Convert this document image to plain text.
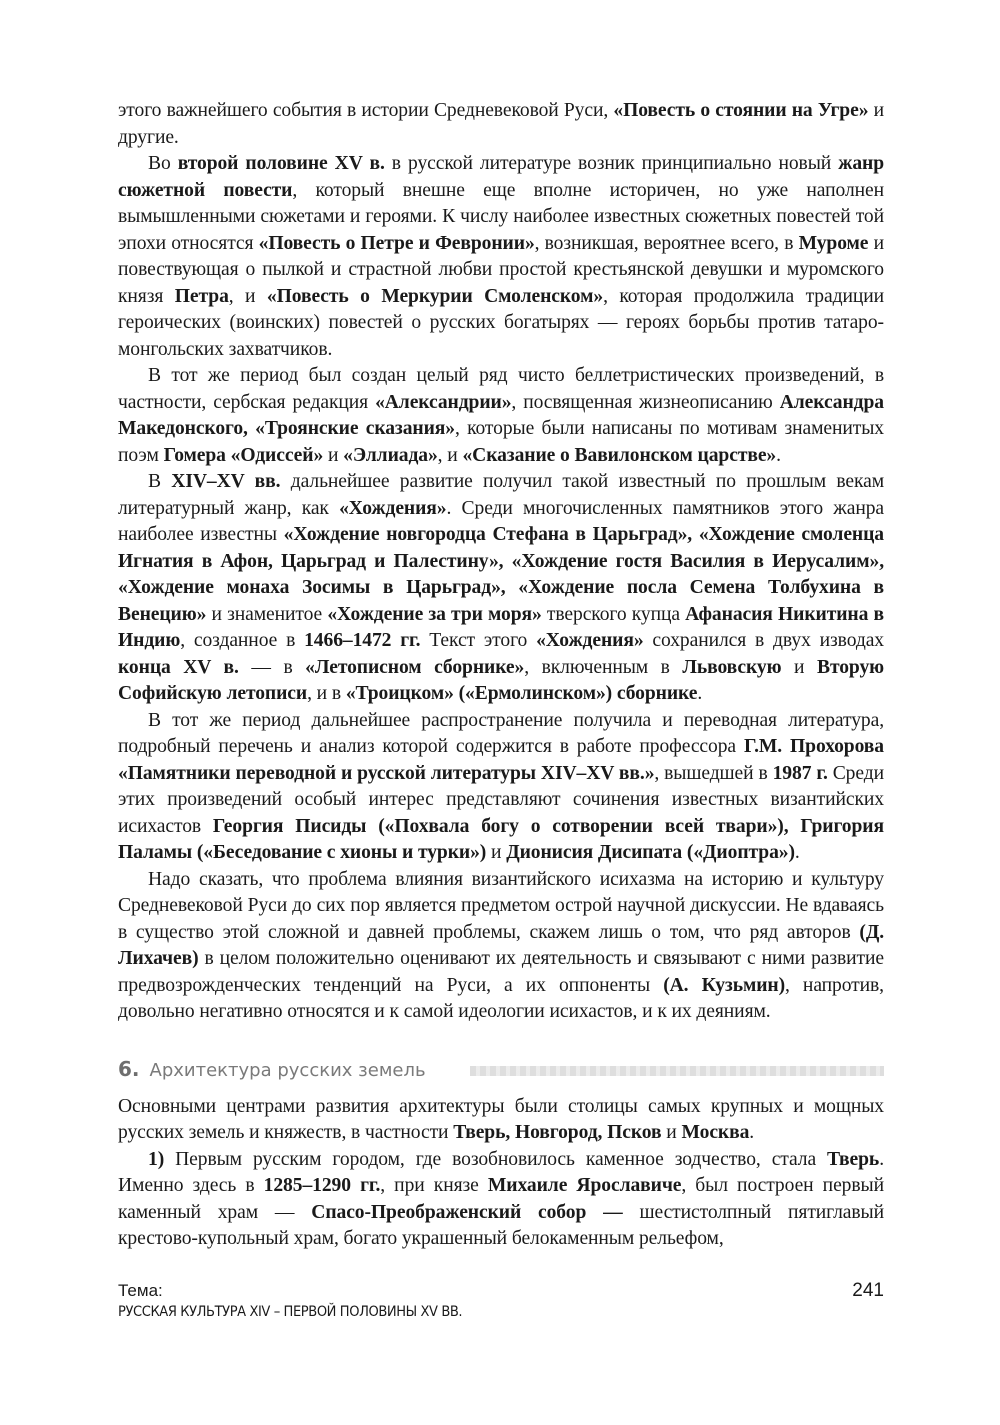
этого важнейшего события в истории Средневековой Руси, «Повесть о стоянии на Угре» и другие.

Во второй половине XV в. в русской литературе возник принципиально новый жанр сюжетной повести, который внешне еще вполне историчен, но уже наполнен вымышленными сюжетами и героями. К числу наиболее известных сюжетных повестей той эпохи относятся «Повесть о Петре и Февронии», возникшая, вероятнее всего, в Муроме и повествующая о пылкой и страстной любви простой крестьянской девушки и муромского князя Петра, и «Повесть о Меркурии Смоленском», которая продолжила традиции героических (воинских) повестей о русских богатырях — героях борьбы против татаро-монгольских захватчиков.

В тот же период был создан целый ряд чисто беллетристических произведений, в частности, сербская редакция «Александрии», посвященная жизнеописанию Александра Македонского, «Троянские сказания», которые были написаны по мотивам знаменитых поэм Гомера «Одиссей» и «Эллиада», и «Сказание о Вавилонском царстве».

В XIV–XV вв. дальнейшее развитие получил такой известный по прошлым векам литературный жанр, как «Хождения». Среди многочисленных памятников этого жанра наиболее известны «Хождение новгородца Стефана в Царьград», «Хождение смоленца Игнатия в Афон, Царьград и Палестину», «Хождение гостя Василия в Иерусалим», «Хождение монаха Зосимы в Царьград», «Хождение посла Семена Толбухина в Венецию» и знаменитое «Хождение за три моря» тверского купца Афанасия Никитина в Индию, созданное в 1466–1472 гг. Текст этого «Хождения» сохранился в двух изводах конца XV в. — в «Летописном сборнике», включенным в Львовскую и Вторую Софийскую летописи, и в «Троицком» («Ермолинском») сборнике.

В тот же период дальнейшее распространение получила и переводная литература, подробный перечень и анализ которой содержится в работе профессора Г.М. Прохорова «Памятники переводной и русской литературы XIV–XV вв.», вышедшей в 1987 г. Среди этих произведений особый интерес представляют сочинения известных византийских исихастов Георгия Писиды («Похвала богу о сотворении всей твари»), Григория Паламы («Беседование с хионы и турки») и Дионисия Дисипата («Диоптра»).

Надо сказать, что проблема влияния византийского исихазма на историю и культуру Средневековой Руси до сих пор является предметом острой научной дискуссии. Не вдаваясь в существо этой сложной и давней проблемы, скажем лишь о том, что ряд авторов (Д. Лихачев) в целом положительно оценивают их деятельность и связывают с ними развитие предвозрожденческих тенденций на Руси, а их оппоненты (А. Кузьмин), напротив, довольно негативно относятся и к самой идеологии исихастов, и к их деяниям.

6. Архитектура русских земель

Основными центрами развития архитектуры были столицы самых крупных и мощных русских земель и княжеств, в частности Тверь, Новгород, Псков и Москва.

1) Первым русским городом, где возобновилось каменное зодчество, стала Тверь. Именно здесь в 1285–1290 гг., при князе Михаиле Ярославиче, был построен первый каменный храм — Спасо-Преображенский собор — шестистолпный пятиглавый крестово-купольный храм, богато украшенный белокаменным рельефом,

Тема:
РУССКАЯ КУЛЬТУРА XIV – ПЕРВОЙ ПОЛОВИНЫ XV ВВ.
241
